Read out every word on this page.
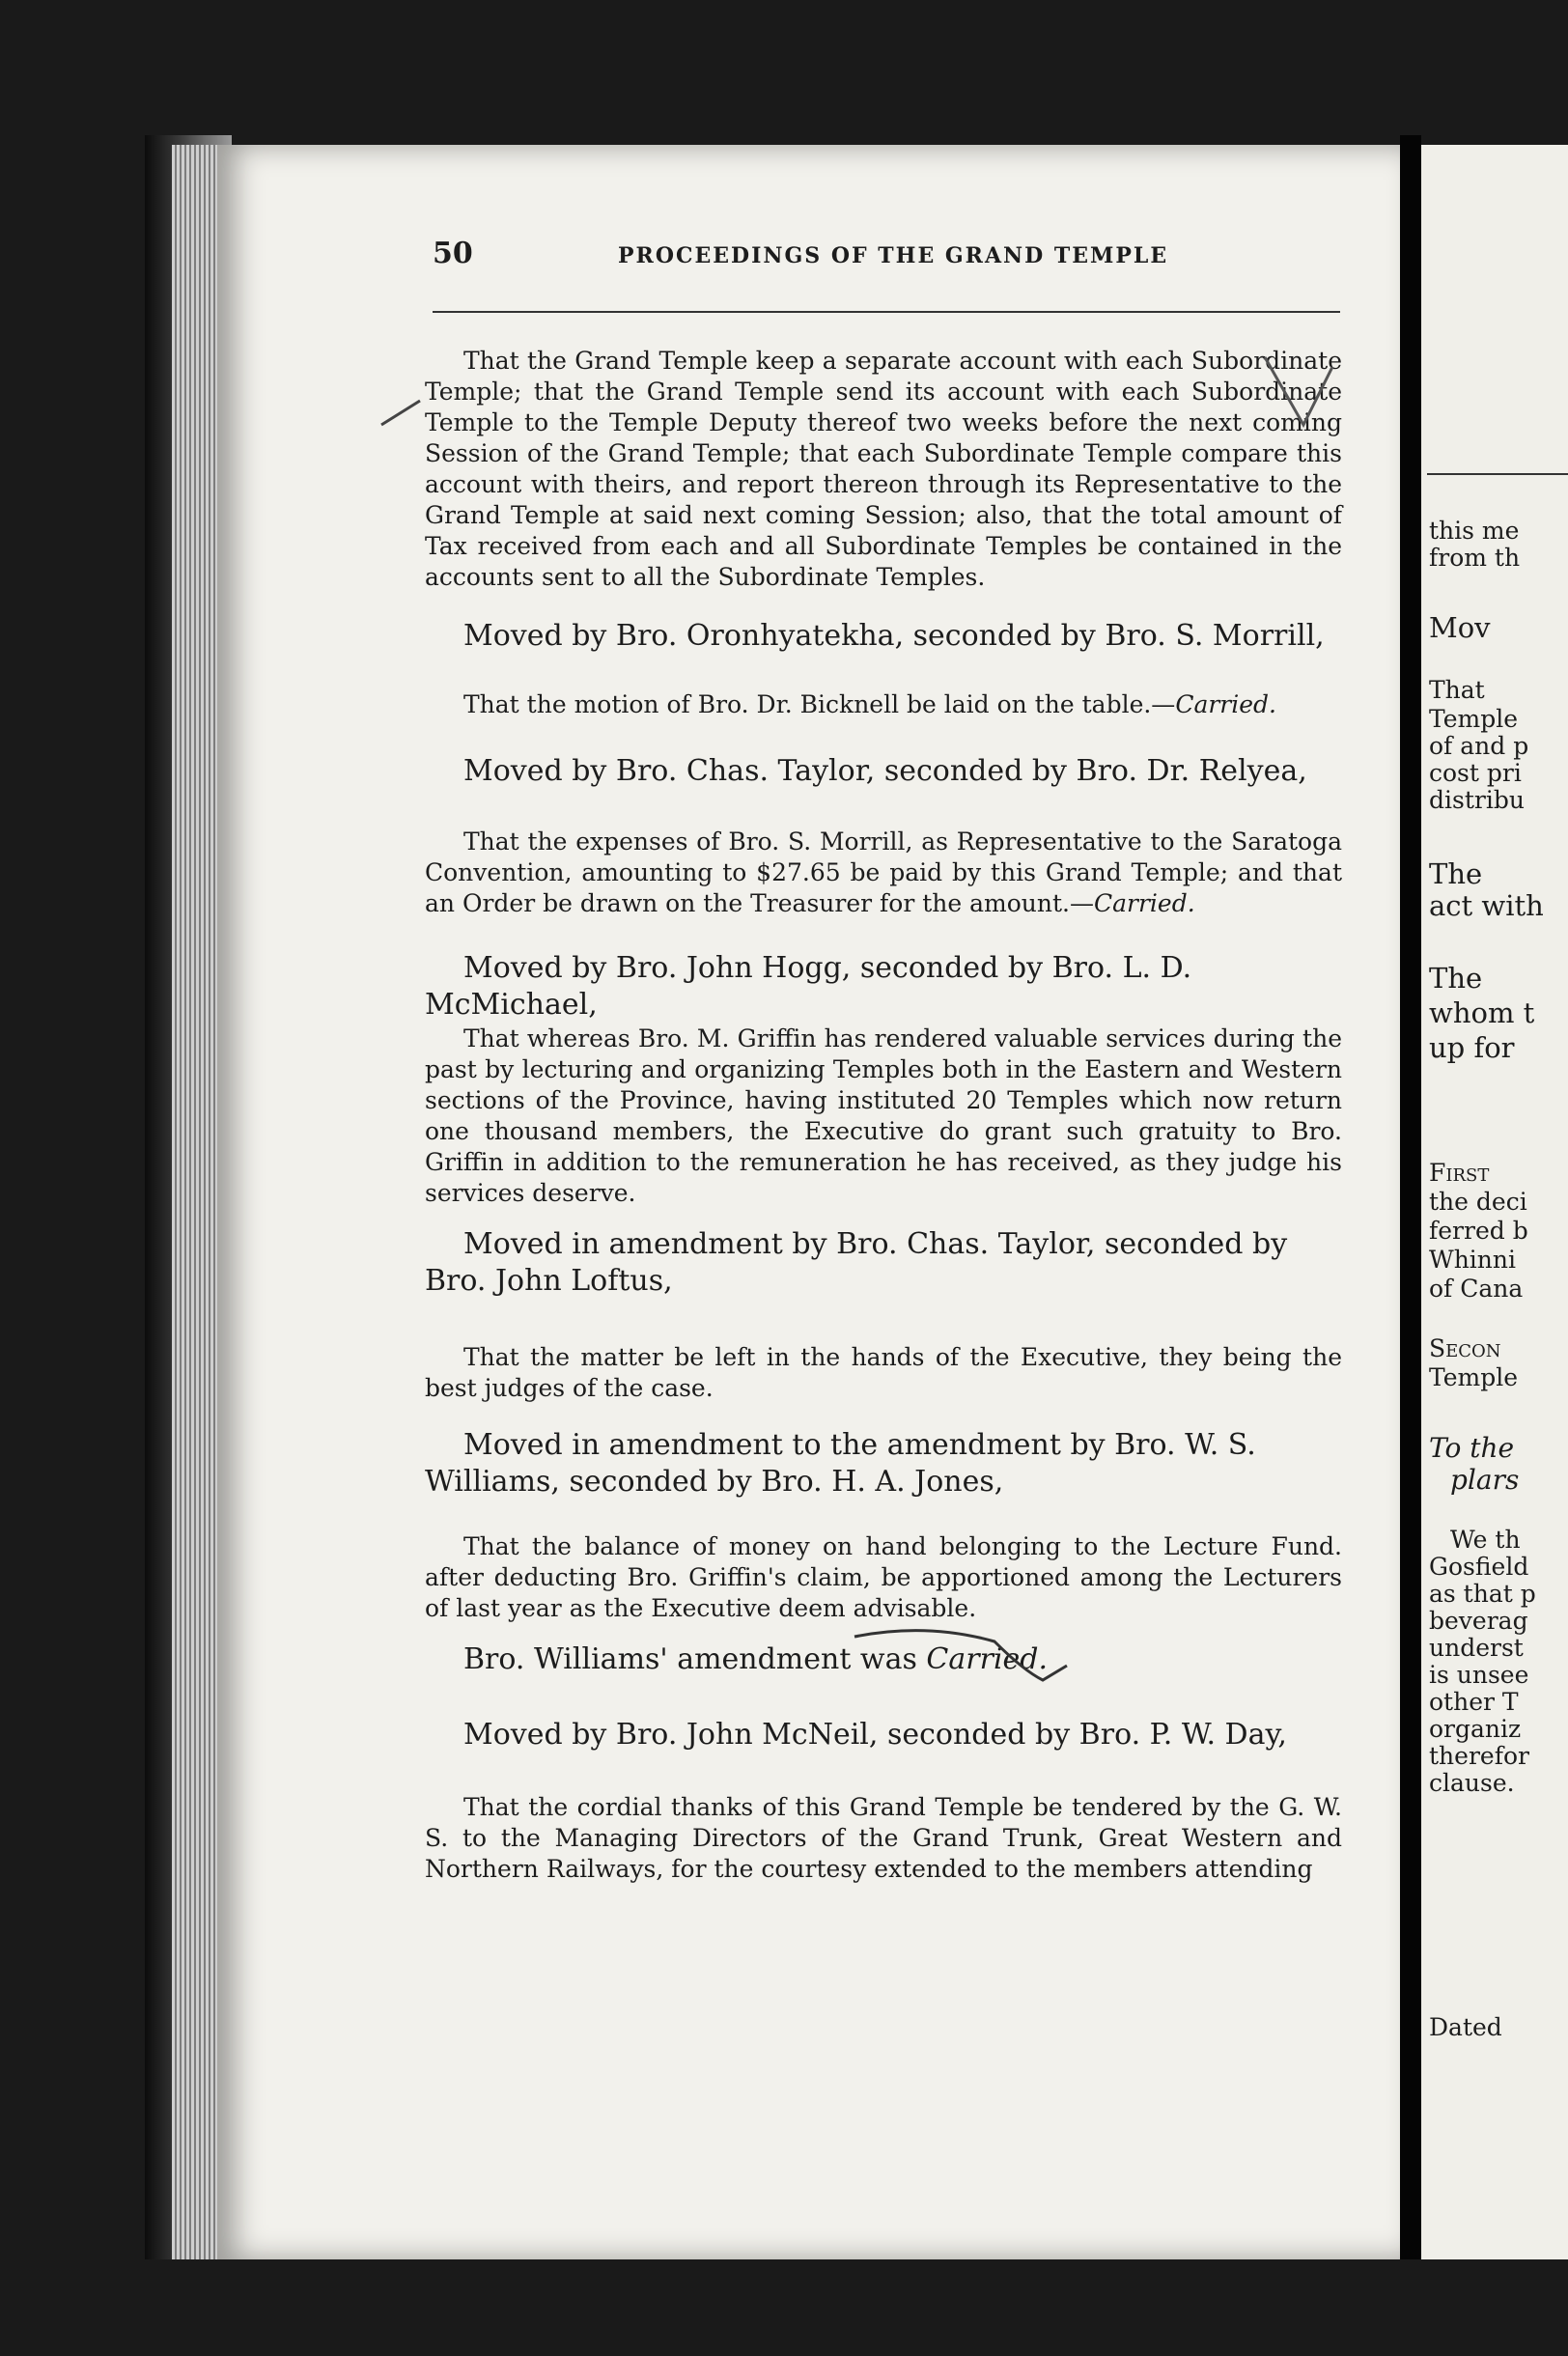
50	PROCEEDINGS OF THE GRAND TEMPLE

That the Grand Temple keep a separate account with each Subordinate Temple; that the Grand Temple send its account with each Subordinate Temple to the Temple Deputy thereof two weeks before the next coming Session of the Grand Temple; that each Subordinate Temple compare this account with theirs, and report thereon through its Representative to the Grand Temple at said next coming Session; also, that the total amount of Tax received from each and all Subordinate Temples be contained in the accounts sent to all the Subordinate Temples.

Moved by Bro. Oronhyatekha, seconded by Bro. S. Morrill,

That the motion of Bro. Dr. Bicknell be laid on the table.—Carried.

Moved by Bro. Chas. Taylor, seconded by Bro. Dr. Relyea,

That the expenses of Bro. S. Morrill, as Representative to the Saratoga Convention, amounting to $27.65 be paid by this Grand Temple; and that an Order be drawn on the Treasurer for the amount.—Carried.

Moved by Bro. John Hogg, seconded by Bro. L. D. McMichael,

That whereas Bro. M. Griffin has rendered valuable services during the past by lecturing and organizing Temples both in the Eastern and Western sections of the Province, having instituted 20 Temples which now return one thousand members, the Executive do grant such gratuity to Bro. Griffin in addition to the remuneration he has received, as they judge his services deserve.

Moved in amendment by Bro. Chas. Taylor, seconded by Bro. John Loftus,

That the matter be left in the hands of the Executive, they being the best judges of the case.

Moved in amendment to the amendment by Bro. W. S. Williams, seconded by Bro. H. A. Jones,

That the balance of money on hand belonging to the Lecture Fund. after deducting Bro. Griffin's claim, be apportioned among the Lecturers of last year as the Executive deem advisable.

Bro. Williams' amendment was Carried.
Moved by Bro. John McNeil, seconded by Bro. P. W. Day,

That the cordial thanks of this Grand Temple be tendered by the G. W. S. to the Managing Directors of the Grand Trunk, Great Western and Northern Railways, for the courtesy extended to the members attending

this me
from th
Mov
That
Temple
of and p
cost pri
distribu
The
act with
The
whom t
up for
First
the deci
ferred b
Whinni
of Cana
Secon
Temple
To the
plars
We th
Gosfield
as that p
beverag
underst
is unsee
other T
organiz
therefor
clause.
Dated
